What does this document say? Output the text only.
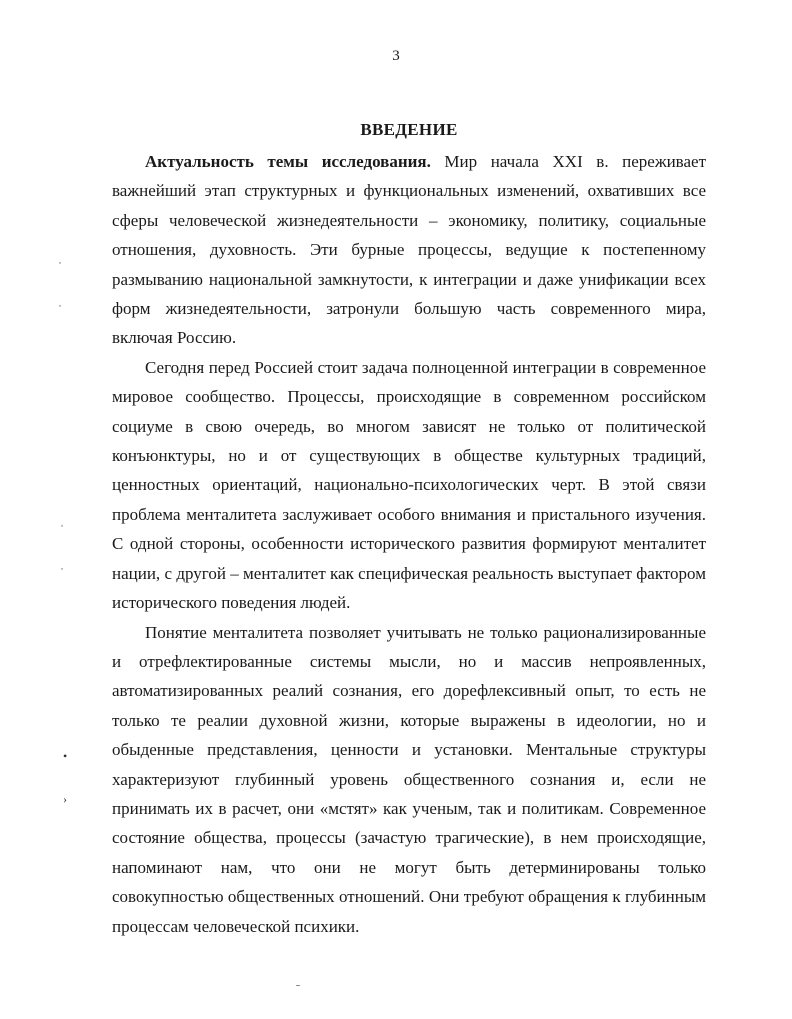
3
ВВЕДЕНИЕ

Актуальность темы исследования. Мир начала XXI в. переживает важнейший этап структурных и функциональных изменений, охвативших все сферы человеческой жизнедеятельности – экономику, политику, социальные отношения, духовность. Эти бурные процессы, ведущие к постепенному размыванию национальной замкнутости, к интеграции и даже унификации всех форм жизнедеятельности, затронули большую часть современного мира, включая Россию.

Сегодня перед Россией стоит задача полноценной интеграции в современное мировое сообщество. Процессы, происходящие в современном российском социуме в свою очередь, во многом зависят не только от политической конъюнктуры, но и от существующих в обществе культурных традиций, ценностных ориентаций, национально-психологических черт. В этой связи проблема менталитета заслуживает особого внимания и пристального изучения. С одной стороны, особенности исторического развития формируют менталитет нации, с другой – менталитет как специфическая реальность выступает фактором исторического поведения людей.

Понятие менталитета позволяет учитывать не только рационализированные и отрефлектированные системы мысли, но и массив непроявленных, автоматизированных реалий сознания, его дорефлексивный опыт, то есть не только те реалии духовной жизни, которые выражены в идеологии, но и обыденные представления, ценности и установки. Ментальные структуры характеризуют глубинный уровень общественного сознания и, если не принимать их в расчет, они «мстят» как ученым, так и политикам. Современное состояние общества, процессы (зачастую трагические), в нем происходящие, напоминают нам, что они не могут быть детерминированы только совокупностью общественных отношений. Они требуют обращения к глубинным процессам человеческой психики.

˙
˙
˙
˙
•
›
ˉ
